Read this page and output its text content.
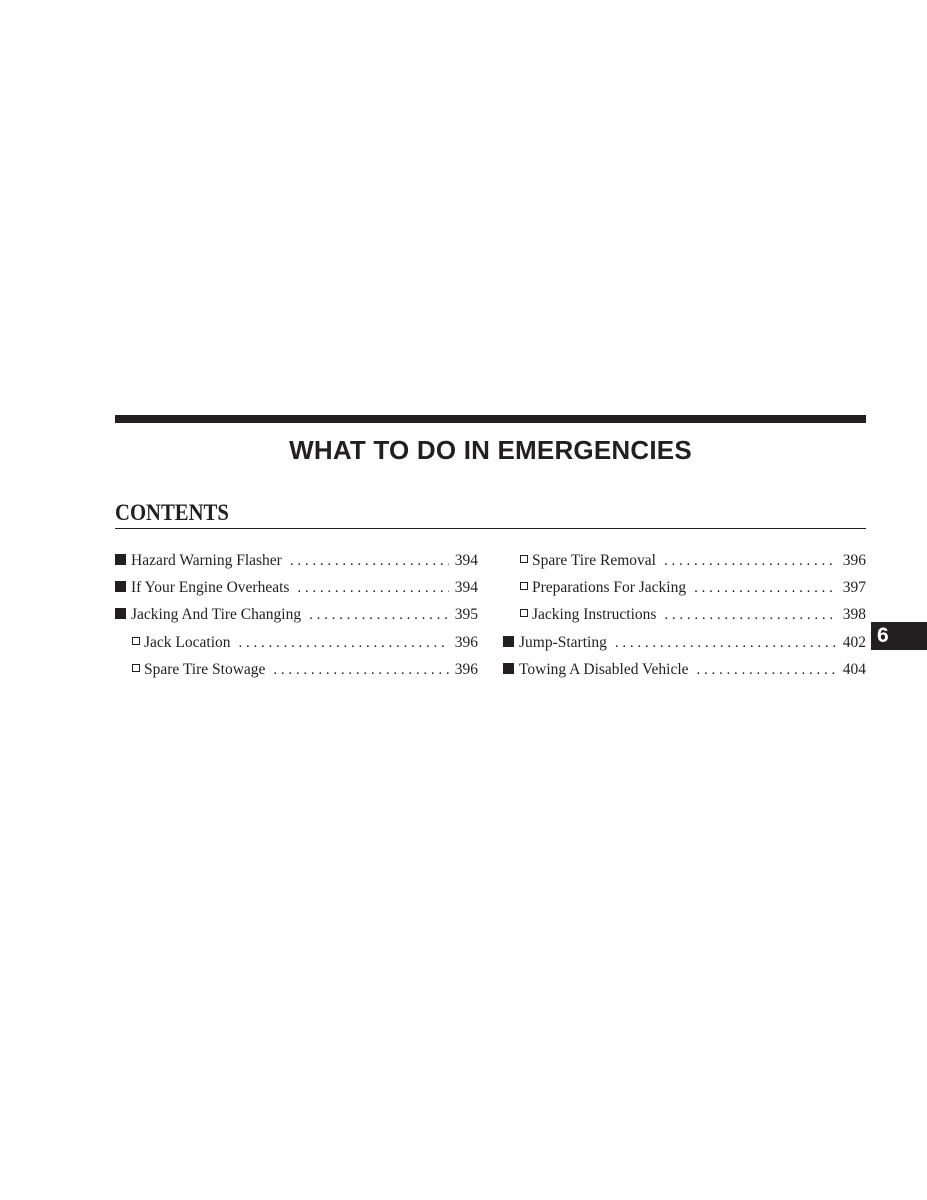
WHAT TO DO IN EMERGENCIES
CONTENTS
Hazard Warning Flasher . . .	394
If Your Engine Overheats . . .	394
Jacking And Tire Changing . . .	395
Jack Location . . .	396
Spare Tire Stowage . . .	396
Spare Tire Removal . . .	396
Preparations For Jacking . . .	397
Jacking Instructions . . .	398
Jump-Starting . . .	402
Towing A Disabled Vehicle . . .	404
6
